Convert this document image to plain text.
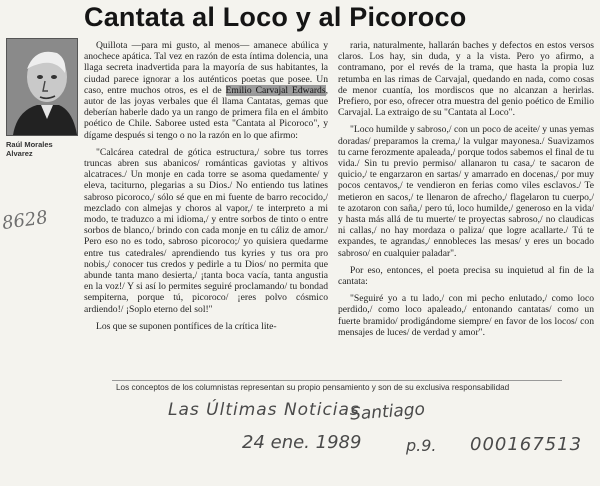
Cantata al Loco y al Picoroco
Raúl Morales
Alvarez
8628

Quillota —para mi gusto, al menos— amanece abúlica y anochece apática. Tal vez en razón de esta íntima dolencia, una llaga secreta inadvertida para la mayoría de sus habitantes, la ciudad parece ignorar a los auténticos poetas que posee. Un caso, entre muchos otros, es el de Emilio Carvajal Edwards, autor de las joyas verbales que él llama Cantatas, gemas que deberían haberle dado ya un rango de primera fila en el ámbito poético de Chile. Saboree usted esta "Cantata al Picoroco", y dígame después si tengo o no la razón en lo que afirmo:

"Calcárea catedral de gótica estructura,/ sobre tus torres truncas abren sus abanicos/ románticas gaviotas y altivos alcatraces./ Un monje en cada torre se asoma quedamente/ y eleva, taciturno, plegarias a su Dios./ No entiendo tus latines sabroso picoroco,/ sólo sé que en mi fuente de barro recocido,/ mezclado con almejas y choros al vapor,/ te interpreto a mi modo, te traduzco a mi idioma,/ y entre sorbos de tinto o entre sorbos de blanco,/ brindo con cada monje en tu cáliz de amor./ Pero eso no es todo, sabroso picoroco;/ yo quisiera quedarme entre tus catedrales/ aprendiendo tus kyries y tus ora pro nobis,/ conocer tus credos y pedirle a tu Dios/ no permita que abunde tanta mano desierta,/ ¡tanta boca vacía, tanta angustia en la voz!/ Y si así lo permites seguiré proclamando/ tu bondad sempiterna, porque tú, picoroco/ ¡eres polvo cósmico ardiendo!/ ¡Soplo eterno del sol!"

Los que se suponen pontífices de la crítica lite-

raria, naturalmente, hallarán baches y defectos en estos versos claros. Los hay, sin duda, y a la vista. Pero yo afirmo, a contramano, por el revés de la trama, que hasta la propia luz retumba en las rimas de Carvajal, quedando en nada, como cosas de menor cuantía, los mordiscos que no alcanzan a herirlas. Prefiero, por eso, ofrecer otra muestra del genio poético de Emilio Carvajal. La extraigo de su "Cantata al Loco".

"Loco humilde y sabroso,/ con un poco de aceite/ y unas yemas doradas/ preparamos la crema,/ la vulgar mayonesa./ Suavizamos tu carne ferozmente apaleada,/ porque todos sabemos el final de tu vida./ Sin tu previo permiso/ allanaron tu casa,/ te sacaron de quicio,/ te engarzaron en sartas/ y amarrado en docenas,/ por muy pocos centavos,/ te vendieron en ferias como viles esclavos./ Te metieron en sacos,/ te llenaron de afrecho,/ flagelaron tu cuerpo,/ te azotaron con saña,/ pero tú, loco humilde,/ generoso en la vida/ y hasta más allá de tu muerte/ te proyectas sabroso,/ no claudicas ni callas,/ no hay mordaza o paliza/ que logre acallarte./ Tú te expandes, te agrandas,/ ennobleces las mesas/ y eres un bocado sabroso/ en cualquier paladar".

Por eso, entonces, el poeta precisa su inquietud al fin de la cantata:

"Seguiré yo a tu lado,/ con mi pecho enlutado,/ como loco perdido,/ como loco apaleado,/ entonando cantatas/ como un fuerte bramido/ prodigándome siempre/ en favor de los locos/ con mensajes de luces/ de verdad y amor".

Los conceptos de los columnistas representan su propio pensamiento y son de su exclusiva responsabilidad
Las Últimas Noticias
Santiago
24 ene. 1989	p.9. 000167513
